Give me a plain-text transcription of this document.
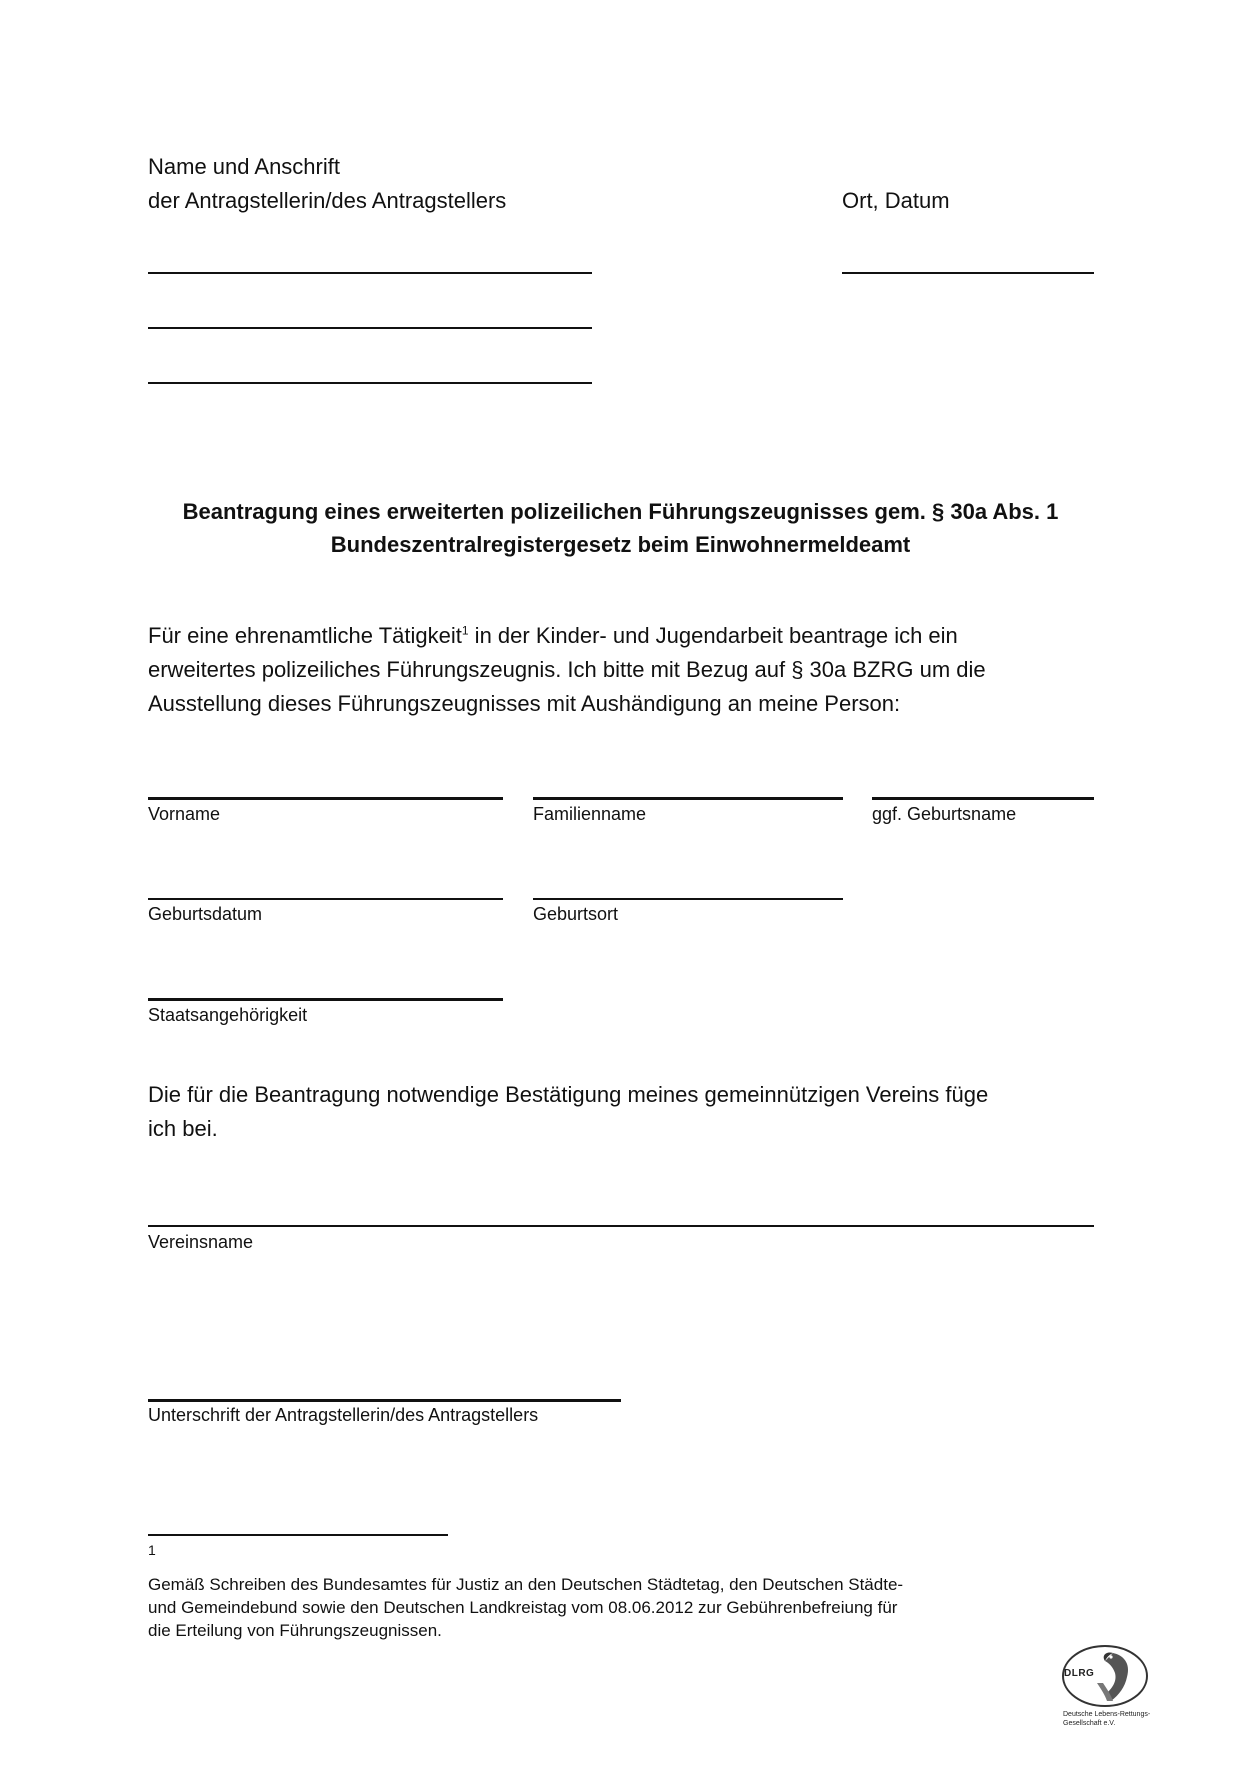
Name und Anschrift
der Antragstellerin/des Antragstellers	Ort, Datum
Beantragung eines erweiterten polizeilichen Führungszeugnisses gem. § 30a Abs. 1
Bundeszentralregistergesetz beim Einwohnermeldeamt
Für eine ehrenamtliche Tätigkeit$^1$ in der Kinder- und Jugendarbeit beantrage ich ein
erweitertes polizeiliches Führungszeugnis. Ich bitte mit Bezug auf § 30a BZRG um die
Ausstellung dieses Führungszeugnisses mit Aushändigung an meine Person:
Vorname	Familienname	ggf. Geburtsname
Geburtsdatum	Geburtsort
Staatsangehörigkeit
Die für die Beantragung notwendige Bestätigung meines gemeinnützigen Vereins füge
ich bei.
Vereinsname
Unterschrift der Antragstellerin/des Antragstellers
1
Gemäß Schreiben des Bundesamtes für Justiz an den Deutschen Städtetag, den Deutschen Städte-
und Gemeindebund sowie den Deutschen Landkreistag vom 08.06.2012 zur Gebührenbefreiung für
die Erteilung von Führungszeugnissen.
DLRG
Deutsche Lebens-Rettungs-
Gesellschaft e.V.
